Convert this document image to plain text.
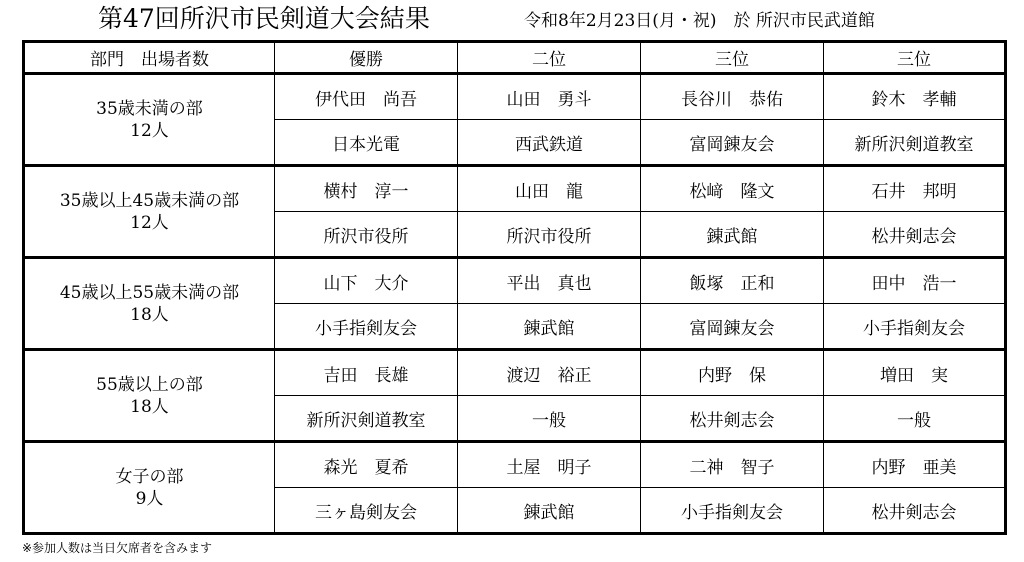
第47回所沢市民剣道大会結果	令和8年2月23日(月・祝)　於 所沢市民武道館
部門　出場者数	優勝	二位	三位	三位

35歳未満の部
12人	伊代田　尚吾	山田　勇斗	長谷川　恭佑	鈴木　孝輔
	日本光電	西武鉄道	富岡錬友会	新所沢剣道教室

35歳以上45歳未満の部
12人	横村　淳一	山田　龍	松﨑　隆文	石井　邦明
	所沢市役所	所沢市役所	錬武館	松井剣志会

45歳以上55歳未満の部
18人	山下　大介	平出　真也	飯塚　正和	田中　浩一
	小手指剣友会	錬武館	富岡錬友会	小手指剣友会

55歳以上の部
18人	吉田　長雄	渡辺　裕正	内野　保	増田　実
	新所沢剣道教室	一般	松井剣志会	一般

女子の部
9人	森光　夏希	土屋　明子	二神　智子	内野　亜美
	三ヶ島剣友会	錬武館	小手指剣友会	松井剣志会
※参加人数は当日欠席者を含みます
